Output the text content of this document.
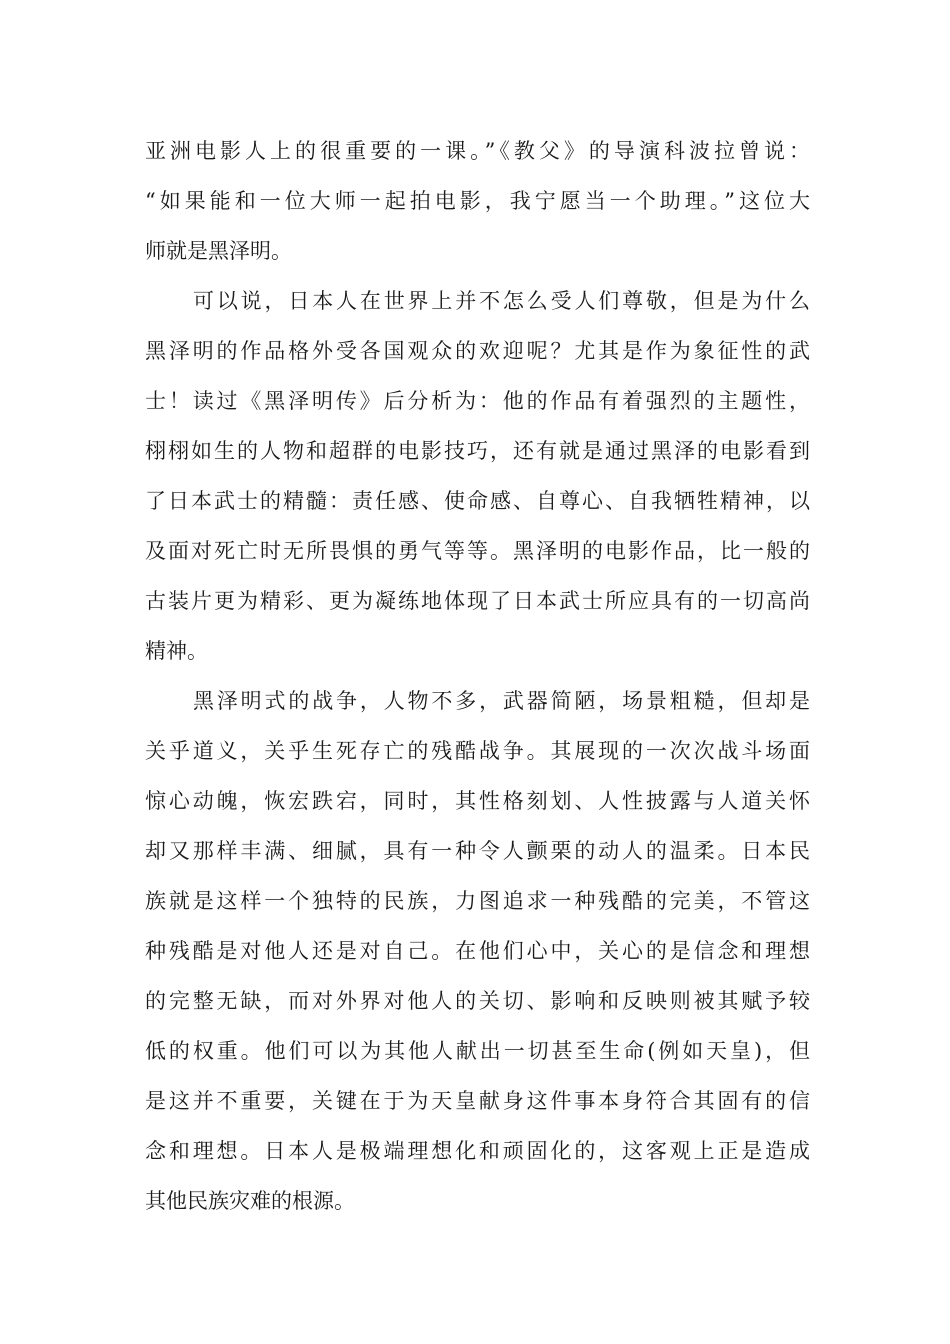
亚洲电影人上的很重要的一课。”《教父》的导演科波拉曾说：
“如果能和一位大师一起拍电影，我宁愿当一个助理。”这位大
师就是黑泽明。
可以说，日本人在世界上并不怎么受人们尊敬，但是为什么
黑泽明的作品格外受各国观众的欢迎呢？尤其是作为象征性的武
士！读过《黑泽明传》后分析为：他的作品有着强烈的主题性，
栩栩如生的人物和超群的电影技巧，还有就是通过黑泽的电影看到
了日本武士的精髓：责任感、使命感、自尊心、自我牺牲精神，以
及面对死亡时无所畏惧的勇气等等。黑泽明的电影作品，比一般的
古装片更为精彩、更为凝练地体现了日本武士所应具有的一切高尚
精神。
黑泽明式的战争，人物不多，武器简陋，场景粗糙，但却是
关乎道义，关乎生死存亡的残酷战争。其展现的一次次战斗场面
惊心动魄，恢宏跌宕，同时，其性格刻划、人性披露与人道关怀
却又那样丰满、细腻，具有一种令人颤栗的动人的温柔。日本民
族就是这样一个独特的民族，力图追求一种残酷的完美，不管这
种残酷是对他人还是对自己。在他们心中，关心的是信念和理想
的完整无缺，而对外界对他人的关切、影响和反映则被其赋予较
低的权重。他们可以为其他人献出一切甚至生命(例如天皇)，但
是这并不重要，关键在于为天皇献身这件事本身符合其固有的信
念和理想。日本人是极端理想化和顽固化的，这客观上正是造成
其他民族灾难的根源。
